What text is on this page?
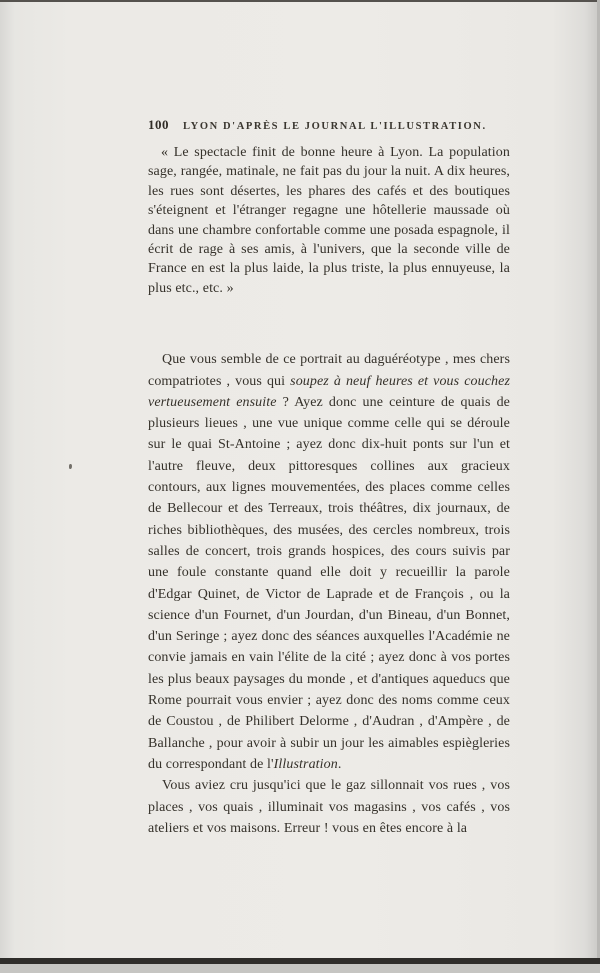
100 LYON D'APRÈS LE JOURNAL L'ILLUSTRATION.

« Le spectacle finit de bonne heure à Lyon. La population sage, rangée, matinale, ne fait pas du jour la nuit. A dix heures, les rues sont désertes, les phares des cafés et des boutiques s'éteignent et l'étranger regagne une hôtellerie maussade où dans une chambre confortable comme une posada espagnole, il écrit de rage à ses amis, à l'univers, que la seconde ville de France en est la plus laide, la plus triste, la plus ennuyeuse, la plus etc., etc. »

Que vous semble de ce portrait au daguéréotype , mes chers compatriotes , vous qui soupez à neuf heures et vous couchez vertueusement ensuite ? Ayez donc une ceinture de quais de plusieurs lieues , une vue unique comme celle qui se déroule sur le quai St-Antoine ; ayez donc dix-huit ponts sur l'un et l'autre fleuve, deux pittoresques collines aux gracieux contours, aux lignes mouvementées, des places comme celles de Bellecour et des Terreaux, trois théâtres, dix journaux, de riches bibliothèques, des musées, des cercles nombreux, trois salles de concert, trois grands hospices, des cours suivis par une foule constante quand elle doit y recueillir la parole d'Edgar Quinet, de Victor de Laprade et de François , ou la science d'un Fournet, d'un Jourdan, d'un Bineau, d'un Bonnet, d'un Seringe ; ayez donc des séances auxquelles l'Académie ne convie jamais en vain l'élite de la cité ; ayez donc à vos portes les plus beaux paysages du monde , et d'antiques aqueducs que Rome pourrait vous envier ; ayez donc des noms comme ceux de Coustou , de Philibert Delorme , d'Audran , d'Ampère , de Ballanche , pour avoir à subir un jour les aimables espiègleries du correspondant de l'Illustration.

Vous aviez cru jusqu'ici que le gaz sillonnait vos rues , vos places , vos quais , illuminait vos magasins , vos cafés , vos ateliers et vos maisons. Erreur ! vous en êtes encore à la
